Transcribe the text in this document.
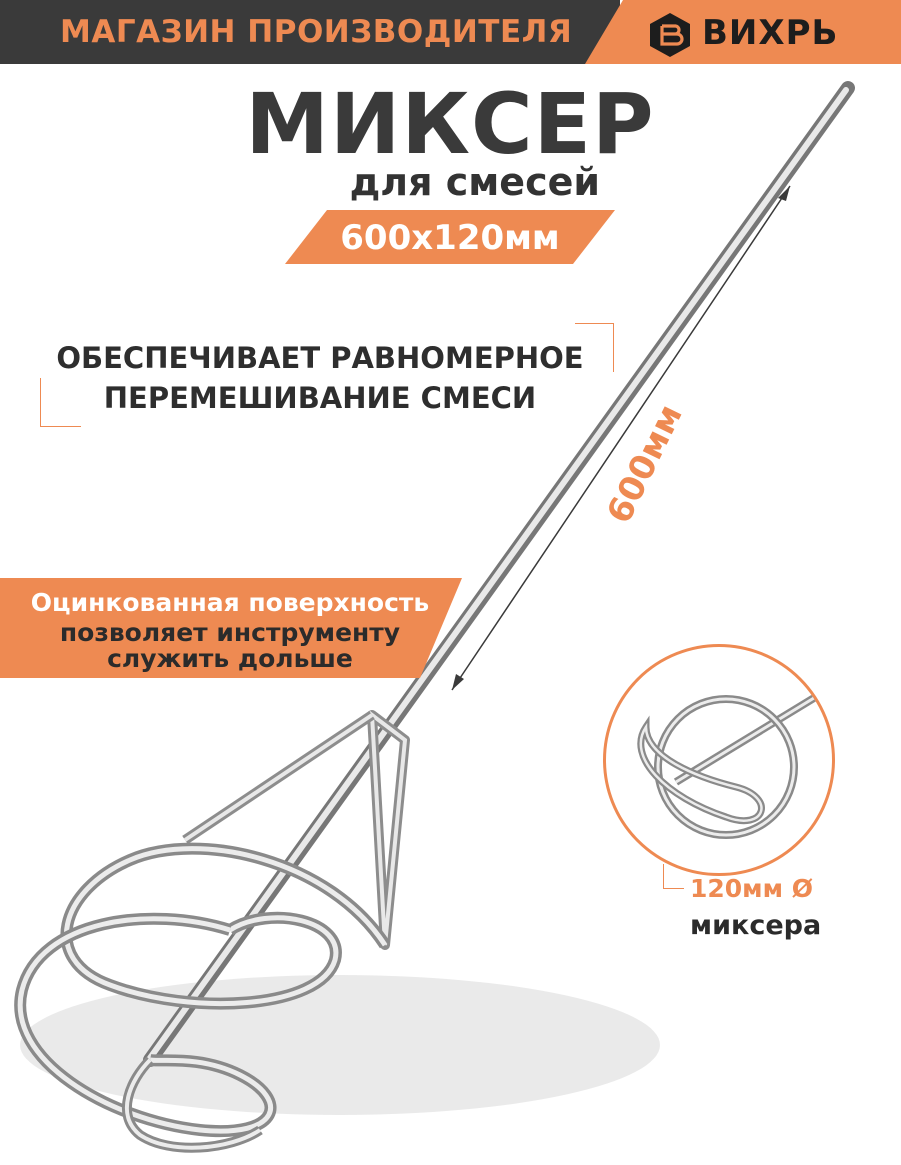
МАГАЗИН ПРОИЗВОДИТЕЛЯ	ВИХРЬ
МИКСЕР
для смесей
600x120мм
ОБЕСПЕЧИВАЕТ РАВНОМЕРНОЕ
ПЕРЕМЕШИВАНИЕ СМЕСИ
600мм
Оцинкованная поверхность
позволяет инструменту
служить дольше
120мм Ø
миксера
